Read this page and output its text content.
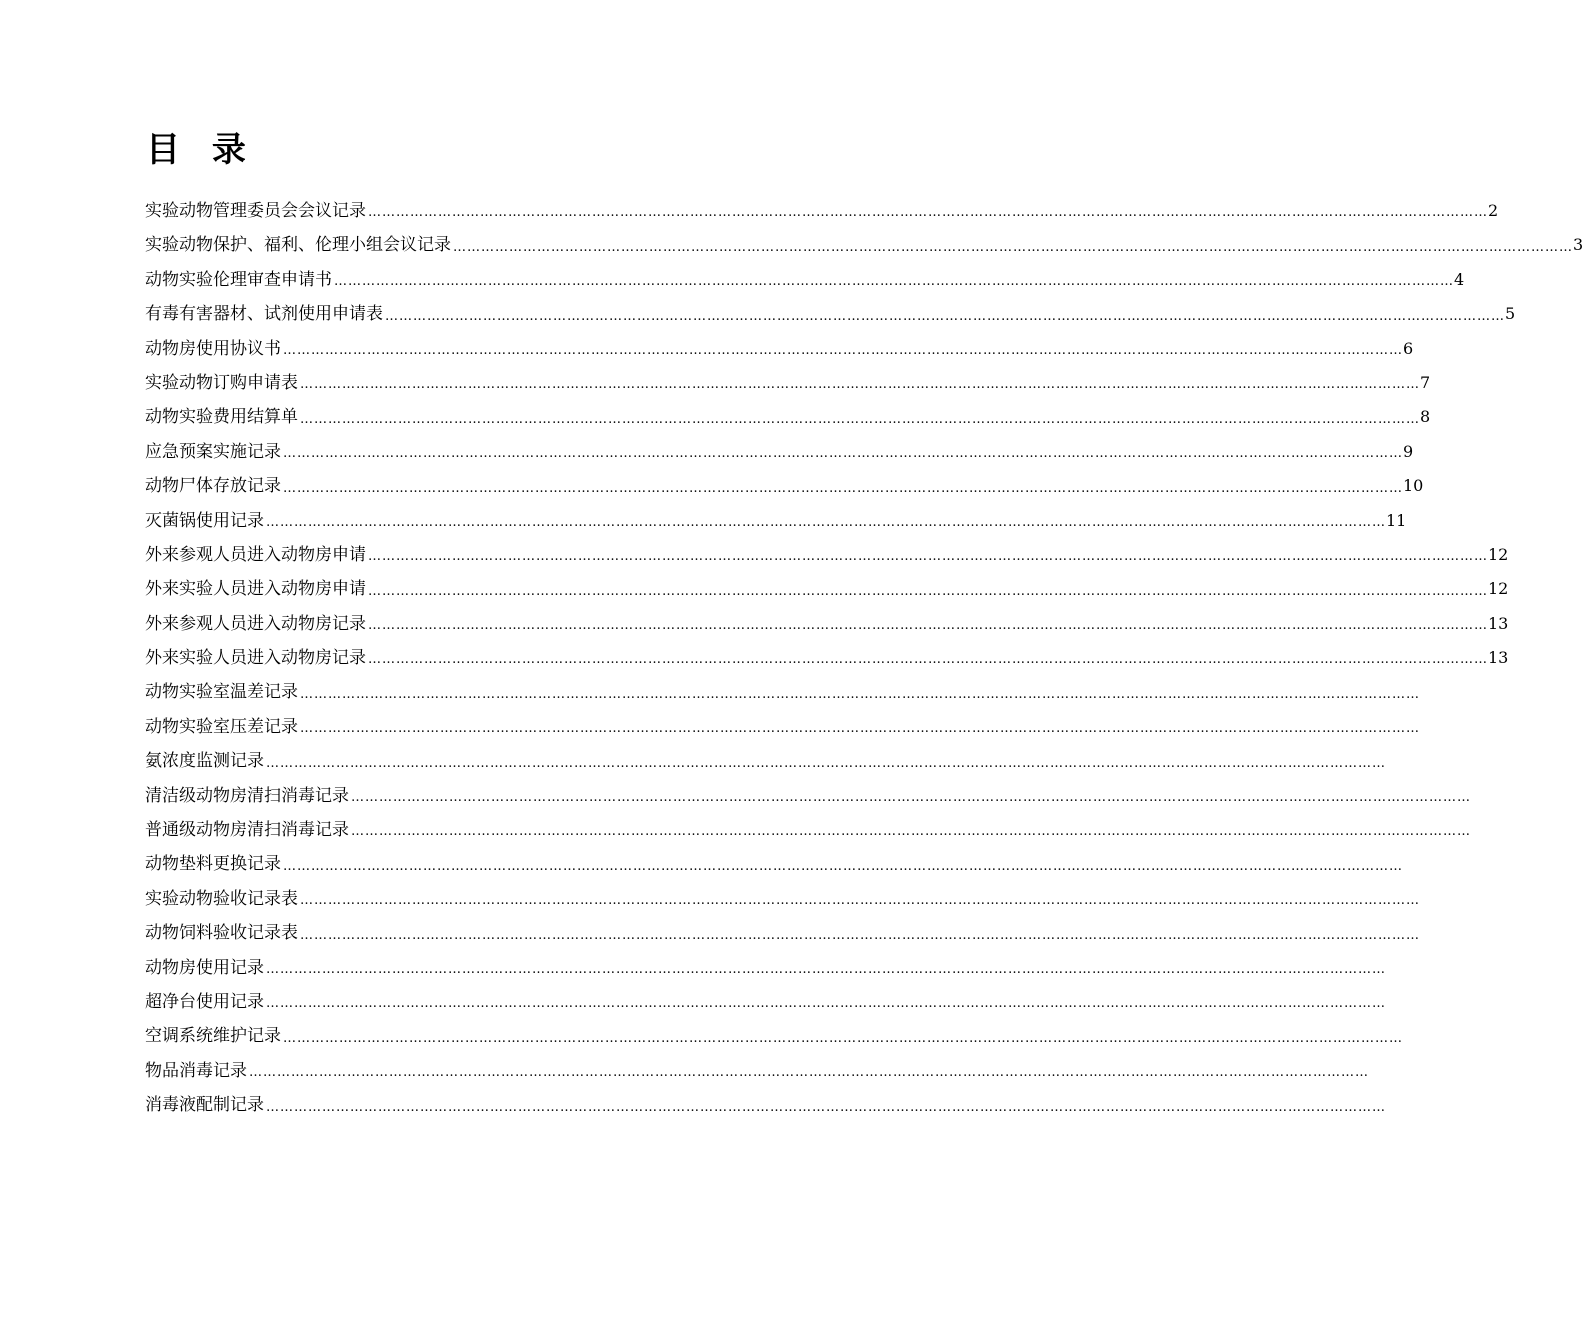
目 录
实验动物管理委员会会议记录 …………………………………………………………………………………………………………………………………………………………………………………………………………………… 2
实验动物保护、福利、伦理小组会议记录 …………………………………………………………………………………………………………………………………………………………………………………………………………………… 3
动物实验伦理审查申请书 …………………………………………………………………………………………………………………………………………………………………………………………………………………… 4
有毒有害器材、试剂使用申请表 …………………………………………………………………………………………………………………………………………………………………………………………………………………… 5
动物房使用协议书 …………………………………………………………………………………………………………………………………………………………………………………………………………………… 6
实验动物订购申请表 …………………………………………………………………………………………………………………………………………………………………………………………………………………… 7
动物实验费用结算单 …………………………………………………………………………………………………………………………………………………………………………………………………………………… 8
应急预案实施记录 …………………………………………………………………………………………………………………………………………………………………………………………………………………… 9
动物尸体存放记录 …………………………………………………………………………………………………………………………………………………………………………………………………………………… 10
灭菌锅使用记录 …………………………………………………………………………………………………………………………………………………………………………………………………………………… 11
外来参观人员进入动物房申请 …………………………………………………………………………………………………………………………………………………………………………………………………………………… 12
外来实验人员进入动物房申请 …………………………………………………………………………………………………………………………………………………………………………………………………………………… 12
外来参观人员进入动物房记录 …………………………………………………………………………………………………………………………………………………………………………………………………………………… 13
外来实验人员进入动物房记录 …………………………………………………………………………………………………………………………………………………………………………………………………………………… 13
动物实验室温差记录 ……………………………………………………………………………………………………………………………………………………………………………………………………………………
动物实验室压差记录 ……………………………………………………………………………………………………………………………………………………………………………………………………………………
氨浓度监测记录 ……………………………………………………………………………………………………………………………………………………………………………………………………………………
清洁级动物房清扫消毒记录 ……………………………………………………………………………………………………………………………………………………………………………………………………………………
普通级动物房清扫消毒记录 ……………………………………………………………………………………………………………………………………………………………………………………………………………………
动物垫料更换记录 ……………………………………………………………………………………………………………………………………………………………………………………………………………………
实验动物验收记录表 ……………………………………………………………………………………………………………………………………………………………………………………………………………………
动物饲料验收记录表 ……………………………………………………………………………………………………………………………………………………………………………………………………………………
动物房使用记录 ……………………………………………………………………………………………………………………………………………………………………………………………………………………
超净台使用记录 ……………………………………………………………………………………………………………………………………………………………………………………………………………………
空调系统维护记录 ……………………………………………………………………………………………………………………………………………………………………………………………………………………
物品消毒记录 ……………………………………………………………………………………………………………………………………………………………………………………………………………………
消毒液配制记录 ……………………………………………………………………………………………………………………………………………………………………………………………………………………
